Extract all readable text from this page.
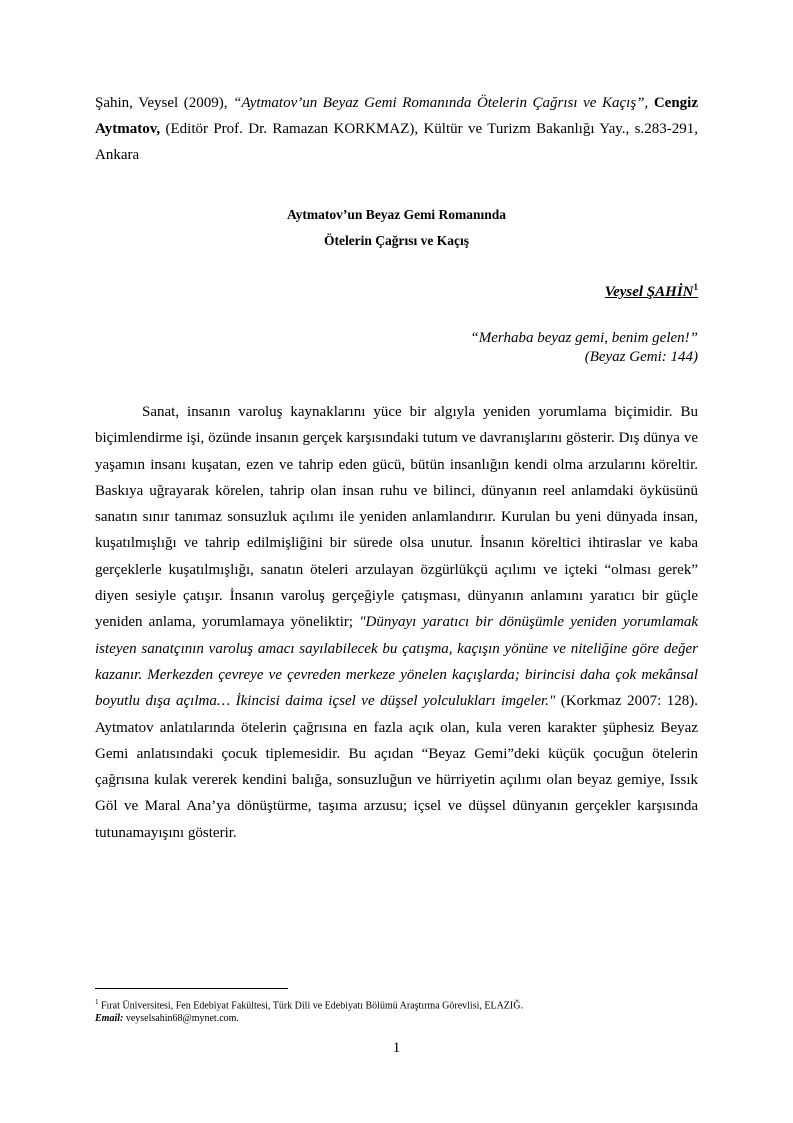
Şahin, Veysel (2009), “Aytmatov’un Beyaz Gemi Romanında Ötelerin Çağrısı ve Kaçış”, Cengiz Aytmatov, (Editör Prof. Dr. Ramazan KORKMAZ), Kültür ve Turizm Bakanlığı Yay., s.283-291, Ankara

Aytmatov’un Beyaz Gemi Romanında
Ötelerin Çağrısı ve Kaçış
Veysel ŞAHİN$^1$
“Merhaba beyaz gemi, benim gelen!”
(Beyaz Gemi: 144)

Sanat, insanın varoluş kaynaklarını yüce bir algıyla yeniden yorumlama biçimidir. Bu biçimlendirme işi, özünde insanın gerçek karşısındaki tutum ve davranışlarını gösterir. Dış dünya ve yaşamın insanı kuşatan, ezen ve tahrip eden gücü, bütün insanlığın kendi olma arzularını köreltir. Baskıya uğrayarak körelen, tahrip olan insan ruhu ve bilinci, dünyanın reel anlamdaki öyküsünü sanatın sınır tanımaz sonsuzluk açılımı ile yeniden anlamlandırır. Kurulan bu yeni dünyada insan, kuşatılmışlığı ve tahrip edilmişliğini bir sürede olsa unutur. İnsanın köreltici ihtiraslar ve kaba gerçeklerle kuşatılmışlığı, sanatın öteleri arzulayan özgürlükçü açılımı ve içteki “olması gerek” diyen sesiyle çatışır. İnsanın varoluş gerçeğiyle çatışması, dünyanın anlamını yaratıcı bir güçle yeniden anlama, yorumlamaya yöneliktir; "Dünyayı yaratıcı bir dönüşümle yeniden yorumlamak isteyen sanatçının varoluş amacı sayılabilecek bu çatışma, kaçışın yönüne ve niteliğine göre değer kazanır. Merkezden çevreye ve çevreden merkeze yönelen kaçışlarda; birincisi daha çok mekânsal boyutlu dışa açılma… İkincisi daima içsel ve düşsel yolculukları imgeler." (Korkmaz 2007: 128). Aytmatov anlatılarında ötelerin çağrısına en fazla açık olan, kula veren karakter şüphesiz Beyaz Gemi anlatısındaki çocuk tiplemesidir. Bu açıdan “Beyaz Gemi”deki küçük çocuğun ötelerin çağrısına kulak vererek kendini balığa, sonsuzluğun ve hürriyetin açılımı olan beyaz gemiye, Issık Göl ve Maral Ana’ya dönüştürme, taşıma arzusu; içsel ve düşsel dünyanın gerçekler karşısında tutunamayışını gösterir.

$^1$ Fırat Üniversitesi, Fen Edebiyat Fakültesi, Türk Dili ve Edebiyatı Bölümü Araştırma Görevlisi, ELAZIĞ.
Email: veyselsahin68@mynet.com.
1
